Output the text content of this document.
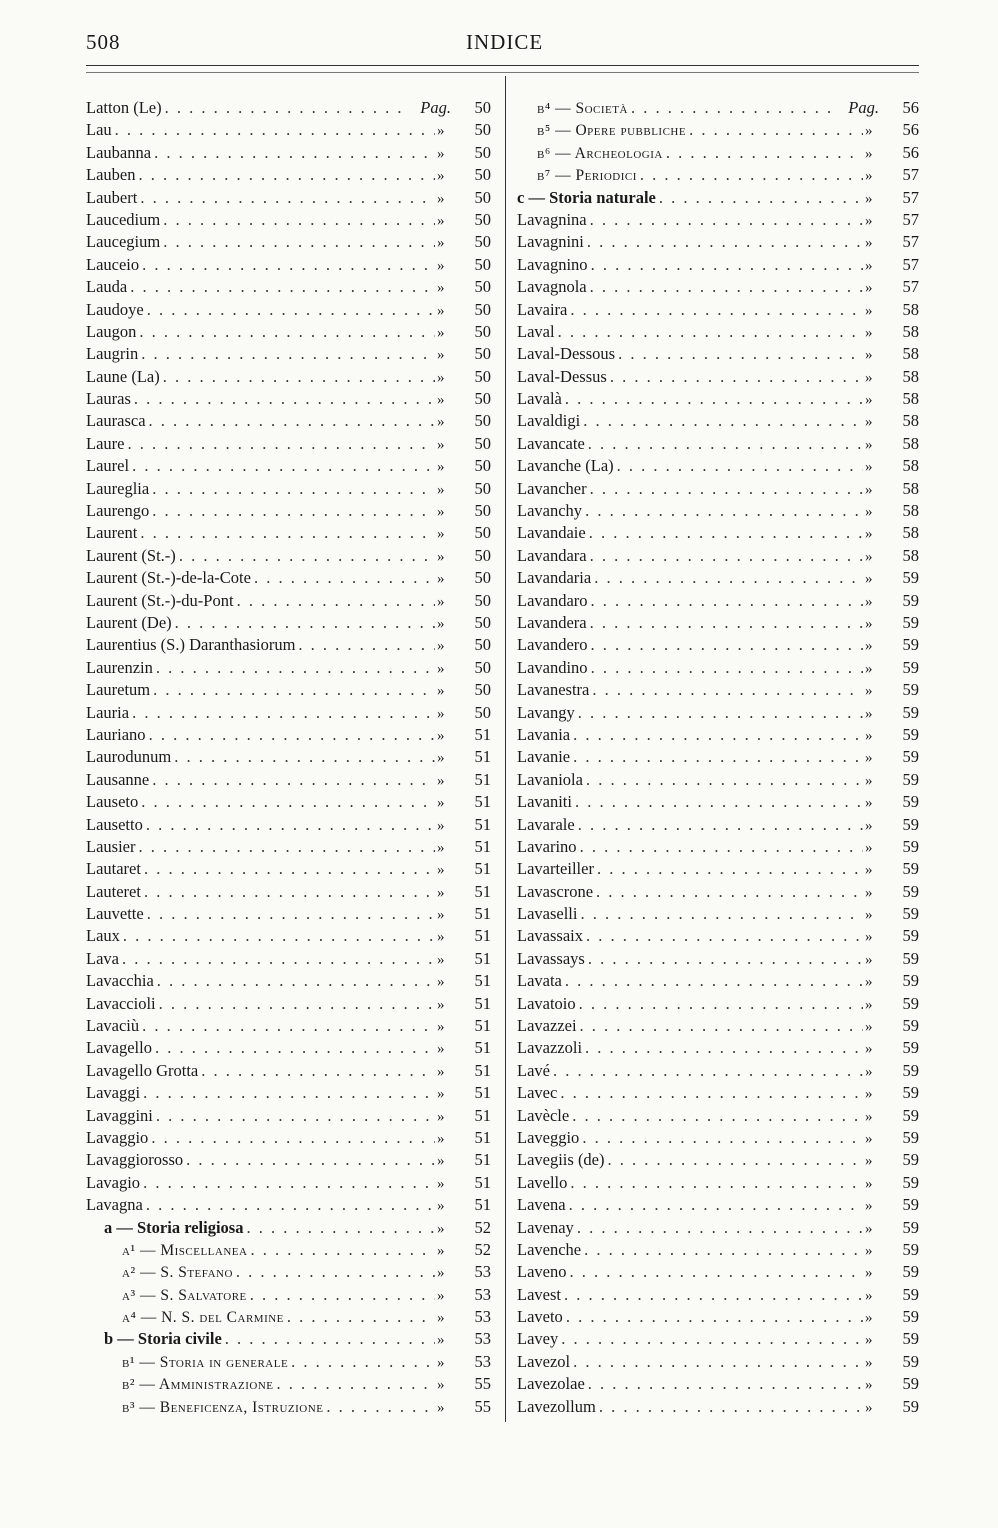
508	INDICE
Latton (Le) . . .	Pag.	50
Lau . . .	»	50
Laubanna . . .	»	50
Lauben . . .	»	50
Laubert . . .	»	50
Laucedium . . .	»	50
Laucegium . . .	»	50
Lauceio . . .	»	50
Lauda . . .	»	50
Laudoye . . .	»	50
Laugon . . .	»	50
Laugrin . . .	»	50
Laune (La) . . .	»	50
Lauras . . .	»	50
Laurasca . . .	»	50
Laure . . .	»	50
Laurel . . .	»	50
Laureglia . . .	»	50
Laurengo . . .	»	50
Laurent . . .	»	50
Laurent (St.-) . . .	»	50
Laurent (St.-)-de-la-Cote . . .	»	50
Laurent (St.-)-du-Pont . . .	»	50
Laurent (De) . . .	»	50
Laurentius (S.) Daranthasiorum . . .	»	50
Laurenzin . . .	»	50
Lauretum . . .	»	50
Lauria . . .	»	50
Lauriano . . .	»	51
Laurodunum . . .	»	51
Lausanne . . .	»	51
Lauseto . . .	»	51
Lausetto . . .	»	51
Lausier . . .	»	51
Lautaret . . .	»	51
Lauteret . . .	»	51
Lauvette . . .	»	51
Laux . . .	»	51
Lava . . .	»	51
Lavacchia . . .	»	51
Lavaccioli . . .	»	51
Lavaciù . . .	»	51
Lavagello . . .	»	51
Lavagello Grotta . . .	»	51
Lavaggi . . .	»	51
Lavaggini . . .	»	51
Lavaggio . . .	»	51
Lavaggiorosso . . .	»	51
Lavagio . . .	»	51
Lavagna . . .	»	51
a — Storia religiosa . . .	»	52
a¹ — Miscellanea . . .	»	52
a² — S. Stefano . . .	»	53
a³ — S. Salvatore . . .	»	53
a⁴ — N. S. del Carmine . . .	»	53
b — Storia civile . . .	»	53
b¹ — Storia in generale . . .	»	53
b² — Amministrazione . . .	»	55
b³ — Beneficenza, Istruzione . . .	»	55
b⁴ — Società . . .	Pag.	56
b⁵ — Opere pubbliche . . .	»	56
b⁶ — Archeologia . . .	»	56
b⁷ — Periodici . . .	»	57
c — Storia naturale . . .	»	57
Lavagnina . . .	»	57
Lavagnini . . .	»	57
Lavagnino . . .	»	57
Lavagnola . . .	»	57
Lavaira . . .	»	58
Laval . . .	»	58
Laval-Dessous . . .	»	58
Laval-Dessus . . .	»	58
Lavalà . . .	»	58
Lavaldigi . . .	»	58
Lavancate . . .	»	58
Lavanche (La) . . .	»	58
Lavancher . . .	»	58
Lavanchy . . .	»	58
Lavandaie . . .	»	58
Lavandara . . .	»	58
Lavandaria . . .	»	59
Lavandaro . . .	»	59
Lavandera . . .	»	59
Lavandero . . .	»	59
Lavandino . . .	»	59
Lavanestra . . .	»	59
Lavangy . . .	»	59
Lavania . . .	»	59
Lavanie . . .	»	59
Lavaniola . . .	»	59
Lavaniti . . .	»	59
Lavarale . . .	»	59
Lavarino . . .	»	59
Lavarteiller . . .	»	59
Lavascrone . . .	»	59
Lavaselli . . .	»	59
Lavassaix . . .	»	59
Lavassays . . .	»	59
Lavata . . .	»	59
Lavatoio . . .	»	59
Lavazzei . . .	»	59
Lavazzoli . . .	»	59
Lavé . . .	»	59
Lavec . . .	»	59
Lavècle . . .	»	59
Laveggio . . .	»	59
Lavegiis (de) . . .	»	59
Lavello . . .	»	59
Lavena . . .	»	59
Lavenay . . .	»	59
Lavenche . . .	»	59
Laveno . . .	»	59
Lavest . . .	»	59
Laveto . . .	»	59
Lavey . . .	»	59
Lavezol . . .	»	59
Lavezolae . . .	»	59
Lavezollum . . .	»	59
